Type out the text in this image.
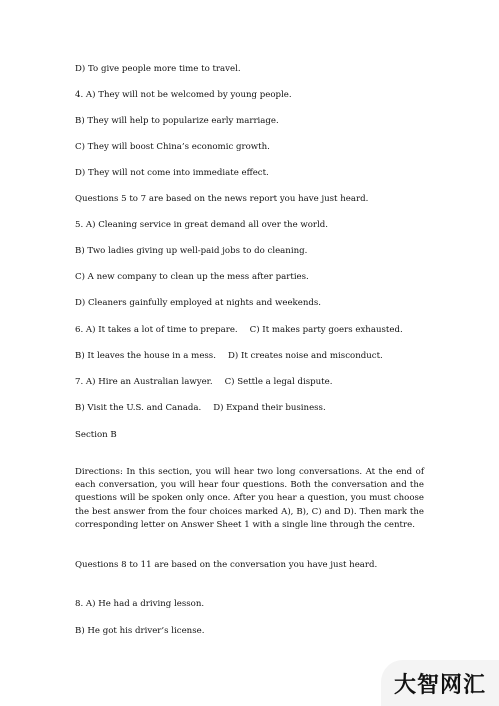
D) To give people more time to travel.
4. A) They will not be welcomed by young people.
B) They will help to popularize early marriage.
C) They will boost China’s economic growth.
D) They will not come into immediate effect.
Questions 5 to 7 are based on the news report you have just heard.
5. A) Cleaning service in great demand all over the world.
B) Two ladies giving up well-paid jobs to do cleaning.
C) A new company to clean up the mess after parties.
D) Cleaners gainfully employed at nights and weekends.
6. A) It takes a lot of time to prepare. C) It makes party goers exhausted.
B) It leaves the house in a mess. D) It creates noise and misconduct.
7. A) Hire an Australian lawyer. C) Settle a legal dispute.
B) Visit the U.S. and Canada. D) Expand their business.
Section B
Directions: In this section, you will hear two long conversations. At the end of each conversation, you will hear four questions. Both the conversation and the questions will be spoken only once. After you hear a question, you must choose the best answer from the four choices marked A), B), C) and D). Then mark the corresponding letter on Answer Sheet 1 with a single line through the centre.
Questions 8 to 11 are based on the conversation you have just heard.
8. A) He had a driving lesson.
B) He got his driver’s license.
大智网汇
